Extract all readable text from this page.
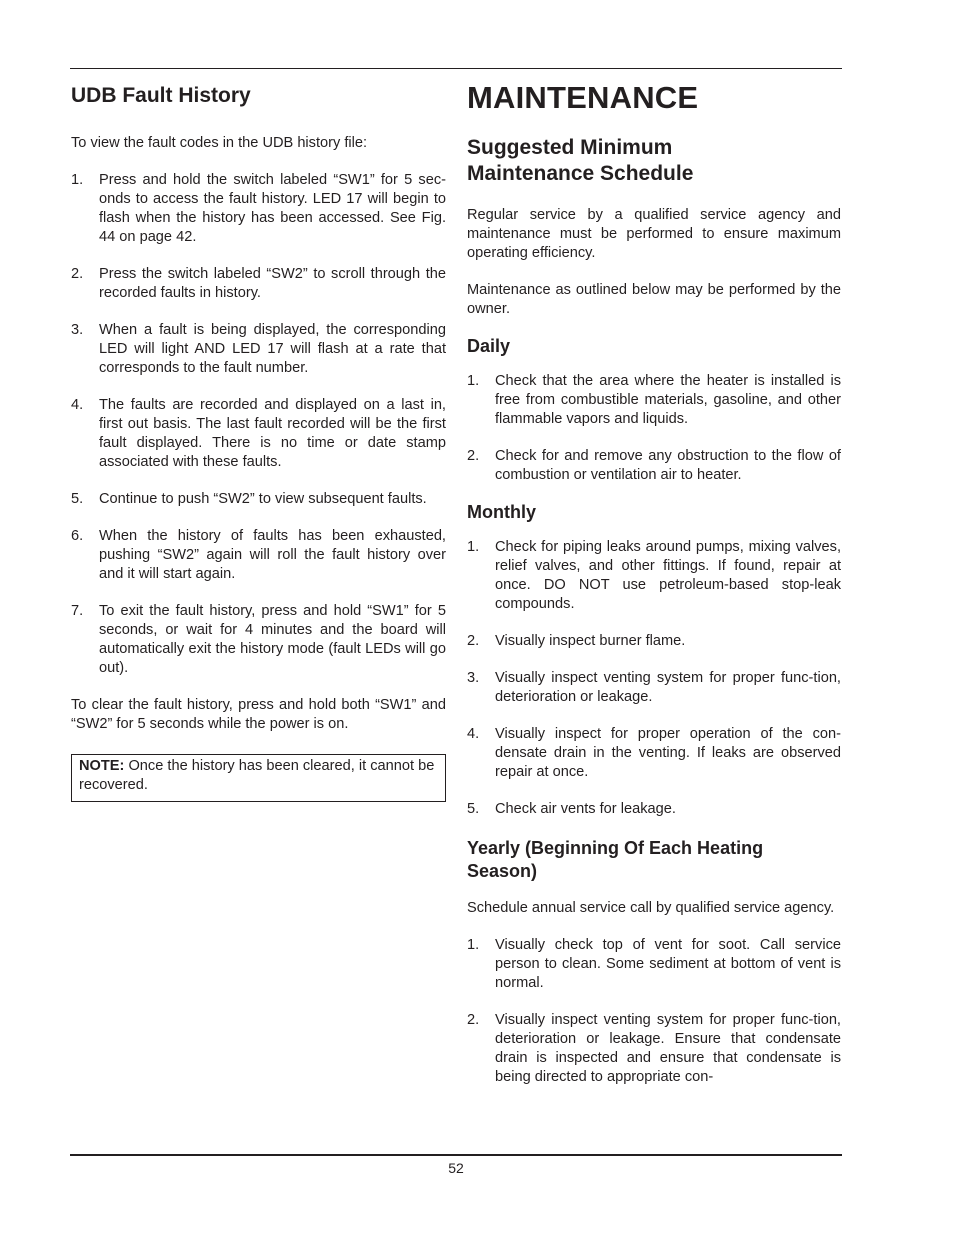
UDB Fault History

To view the fault codes in the UDB history file:

1. Press and hold the switch labeled “SW1” for 5 sec-onds to access the fault history. LED 17 will begin to flash when the history has been accessed. See Fig. 44 on page 42.
2. Press the switch labeled “SW2” to scroll through the recorded faults in history.
3. When a fault is being displayed, the corresponding LED will light AND LED 17 will flash at a rate that corresponds to the fault number.
4. The faults are recorded and displayed on a last in, first out basis. The last fault recorded will be the first fault displayed. There is no time or date stamp associated with these faults.
5. Continue to push “SW2” to view subsequent faults.
6. When the history of faults has been exhausted, pushing “SW2” again will roll the fault history over and it will start again.
7. To exit the fault history, press and hold “SW1” for 5 seconds, or wait for 4 minutes and the board will automatically exit the history mode (fault LEDs will go out).

To clear the fault history, press and hold both “SW1” and “SW2” for 5 seconds while the power is on.

NOTE: Once the history has been cleared, it cannot be recovered.
MAINTENANCE
Suggested Minimum
Maintenance Schedule

Regular service by a qualified service agency and maintenance must be performed to ensure maximum operating efficiency.

Maintenance as outlined below may be performed by the owner.

Daily
1. Check that the area where the heater is installed is free from combustible materials, gasoline, and other flammable vapors and liquids.
2. Check for and remove any obstruction to the flow of combustion or ventilation air to heater.
Monthly
1. Check for piping leaks around pumps, mixing valves, relief valves, and other fittings. If found, repair at once. DO NOT use petroleum-based stop-leak compounds.
2. Visually inspect burner flame.
3. Visually inspect venting system for proper func-tion, deterioration or leakage.
4. Visually inspect for proper operation of the con-densate drain in the venting. If leaks are observed repair at once.
5. Check air vents for leakage.
Yearly (Beginning Of Each Heating
Season)

Schedule annual service call by qualified service agency.

1. Visually check top of vent for soot. Call service person to clean. Some sediment at bottom of vent is normal.
2. Visually inspect venting system for proper func-tion, deterioration or leakage. Ensure that condensate drain is inspected and ensure that condensate is being directed to appropriate con-
52
